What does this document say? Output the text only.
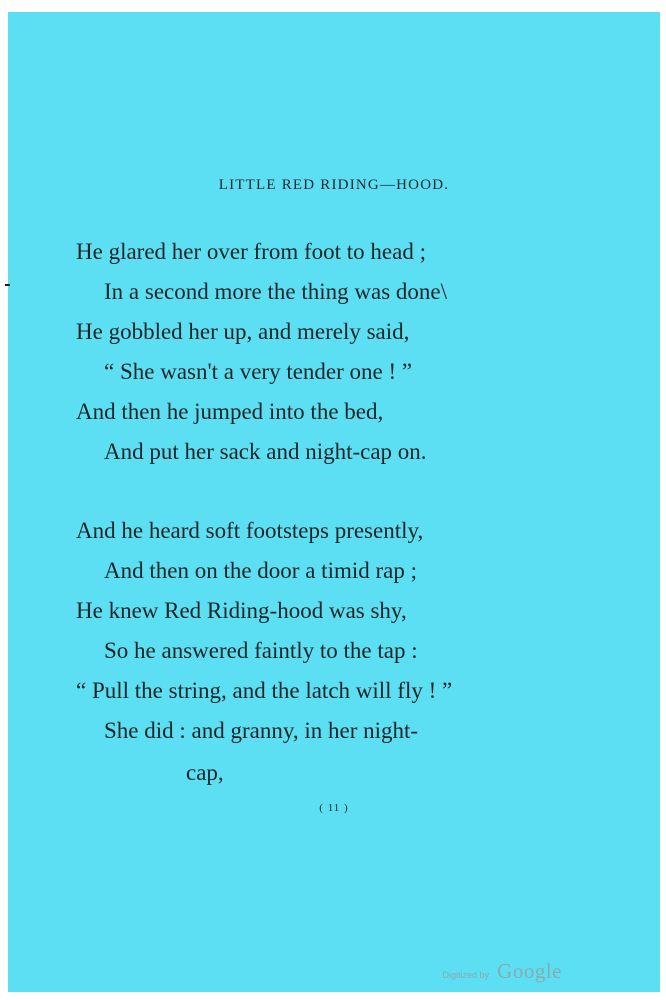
LITTLE RED RIDING—HOOD.
He glared her over from foot to head ;
In a second more the thing was done\
He gobbled her up, and merely said,
“ She wasn't a very tender one ! ”
And then he jumped into the bed,
And put her sack and night-cap on.
And he heard soft footsteps presently,
And then on the door a timid rap ;
He knew Red Riding-hood was shy,
So he answered faintly to the tap :
“ Pull the string, and the latch will fly ! ”
She did : and granny, in her night-
cap,
( 11 )
Digitized by Google
